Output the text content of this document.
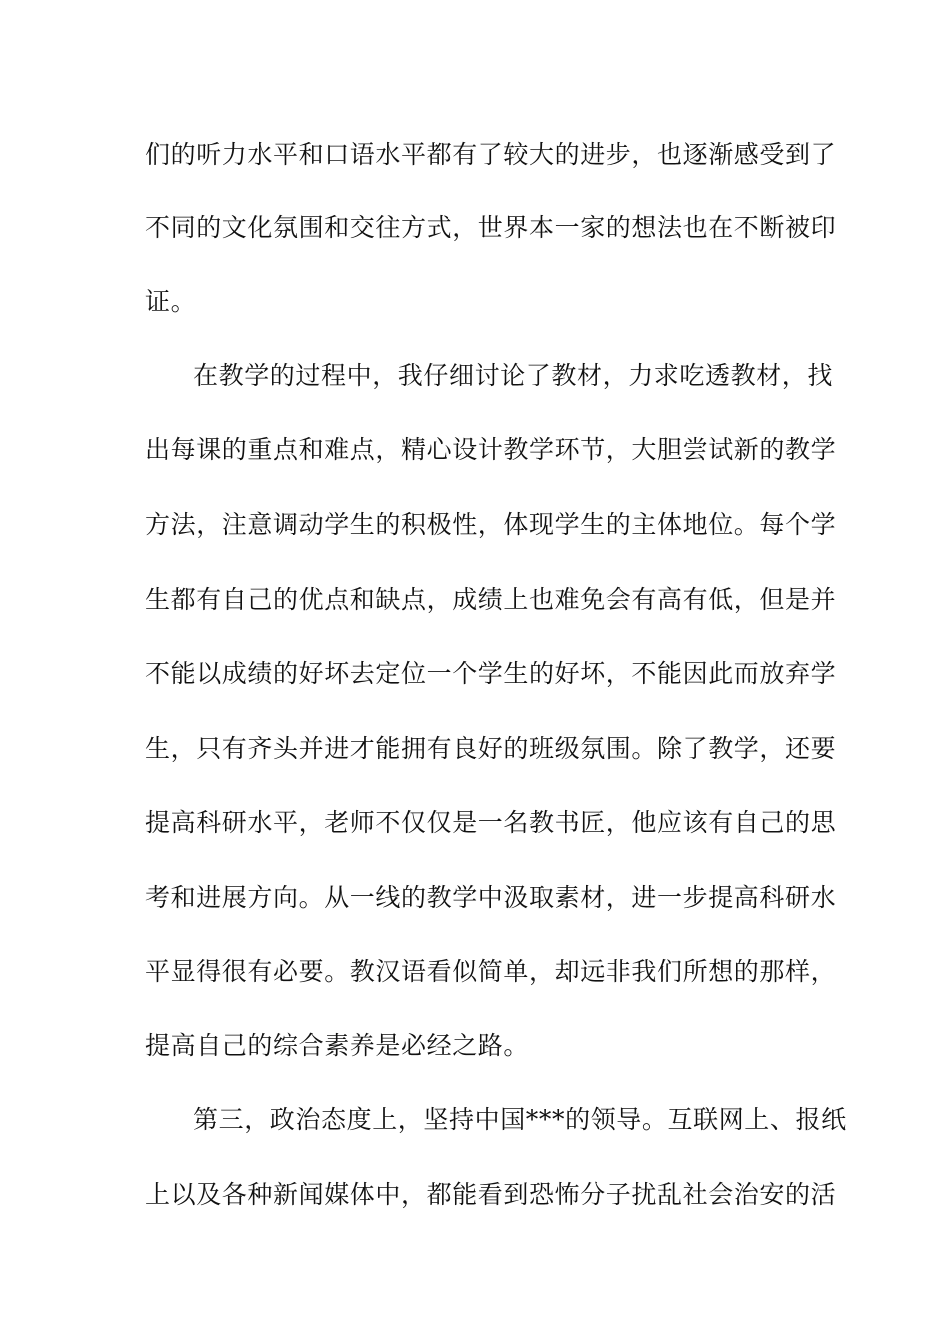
们的听力水平和口语水平都有了较大的进步，也逐渐感受到了
不同的文化氛围和交往方式，世界本一家的想法也在不断被印
证。
在教学的过程中，我仔细讨论了教材，力求吃透教材，找
出每课的重点和难点，精心设计教学环节，大胆尝试新的教学
方法，注意调动学生的积极性，体现学生的主体地位。每个学
生都有自己的优点和缺点，成绩上也难免会有高有低，但是并
不能以成绩的好坏去定位一个学生的好坏，不能因此而放弃学
生，只有齐头并进才能拥有良好的班级氛围。除了教学，还要
提高科研水平，老师不仅仅是一名教书匠，他应该有自己的思
考和进展方向。从一线的教学中汲取素材，进一步提高科研水
平显得很有必要。教汉语看似简单，却远非我们所想的那样，
提高自己的综合素养是必经之路。
第三，政治态度上，坚持中国***的领导。互联网上、报纸
上以及各种新闻媒体中，都能看到恐怖分子扰乱社会治安的活
